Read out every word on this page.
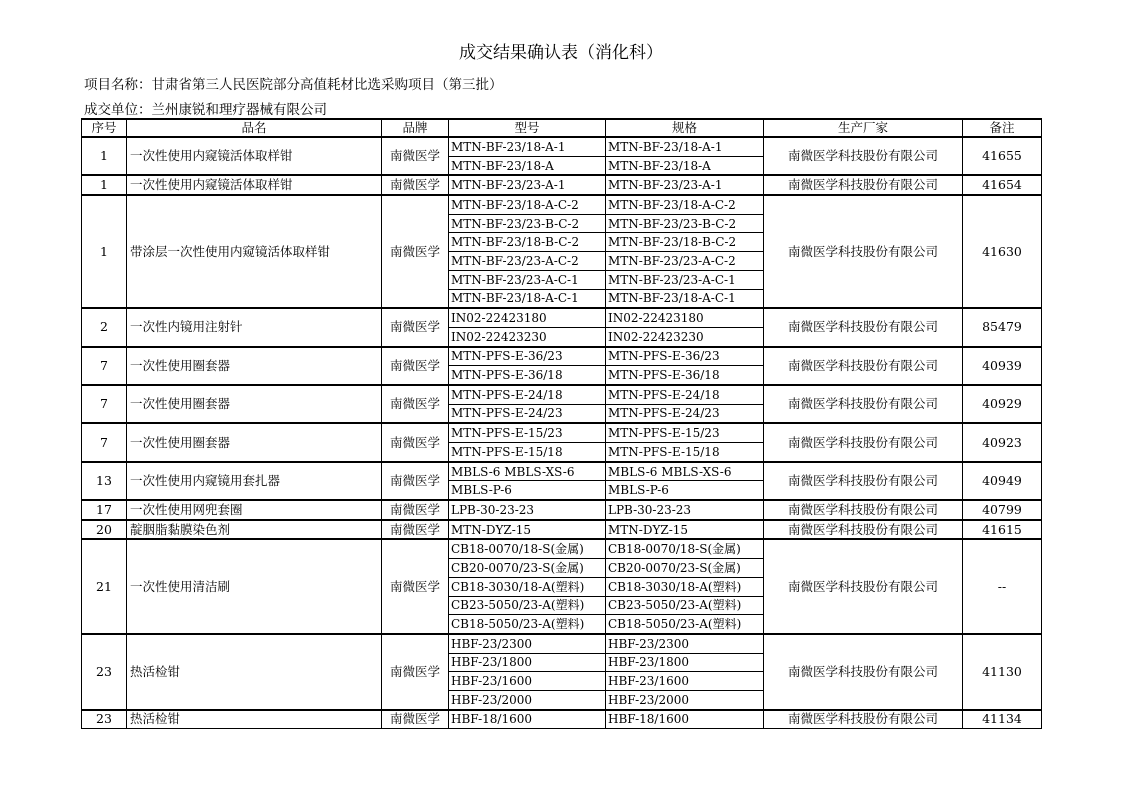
成交结果确认表（消化科）
项目名称：甘肃省第三人民医院部分高值耗材比选采购项目（第三批）
成交单位：兰州康锐和理疗器械有限公司
序号	品名	品牌	型号	规格	生产厂家	备注
1	一次性使用内窥镜活体取样钳	南微医学	MTN-BF-23/18-A-1	MTN-BF-23/18-A-1	南微医学科技股份有限公司	41655
			MTN-BF-23/18-A	MTN-BF-23/18-A		
1	一次性使用内窥镜活体取样钳	南微医学	MTN-BF-23/23-A-1	MTN-BF-23/23-A-1	南微医学科技股份有限公司	41654
1	带涂层一次性使用内窥镜活体取样钳	南微医学	MTN-BF-23/18-A-C-2	MTN-BF-23/18-A-C-2	南微医学科技股份有限公司	41630
			MTN-BF-23/23-B-C-2	MTN-BF-23/23-B-C-2		
			MTN-BF-23/18-B-C-2	MTN-BF-23/18-B-C-2		
			MTN-BF-23/23-A-C-2	MTN-BF-23/23-A-C-2		
			MTN-BF-23/23-A-C-1	MTN-BF-23/23-A-C-1		
			MTN-BF-23/18-A-C-1	MTN-BF-23/18-A-C-1		
2	一次性内镜用注射针	南微医学	IN02-22423180	IN02-22423180	南微医学科技股份有限公司	85479
			IN02-22423230	IN02-22423230		
7	一次性使用圈套器	南微医学	MTN-PFS-E-36/23	MTN-PFS-E-36/23	南微医学科技股份有限公司	40939
			MTN-PFS-E-36/18	MTN-PFS-E-36/18		
7	一次性使用圈套器	南微医学	MTN-PFS-E-24/18	MTN-PFS-E-24/18	南微医学科技股份有限公司	40929
			MTN-PFS-E-24/23	MTN-PFS-E-24/23		
7	一次性使用圈套器	南微医学	MTN-PFS-E-15/23	MTN-PFS-E-15/23	南微医学科技股份有限公司	40923
			MTN-PFS-E-15/18	MTN-PFS-E-15/18		
13	一次性使用内窥镜用套扎器	南微医学	MBLS-6 MBLS-XS-6	MBLS-6 MBLS-XS-6	南微医学科技股份有限公司	40949
			MBLS-P-6	MBLS-P-6		
17	一次性使用网兜套圈	南微医学	LPB-30-23-23	LPB-30-23-23	南微医学科技股份有限公司	40799
20	靛胭脂黏膜染色剂	南微医学	MTN-DYZ-15	MTN-DYZ-15	南微医学科技股份有限公司	41615
21	一次性使用清洁刷	南微医学	CB18-0070/18-S(金属)	CB18-0070/18-S(金属)	南微医学科技股份有限公司	--
			CB20-0070/23-S(金属)	CB20-0070/23-S(金属)		
			CB18-3030/18-A(塑料)	CB18-3030/18-A(塑料)		
			CB23-5050/23-A(塑料)	CB23-5050/23-A(塑料)		
			CB18-5050/23-A(塑料)	CB18-5050/23-A(塑料)		
23	热活检钳	南微医学	HBF-23/2300	HBF-23/2300	南微医学科技股份有限公司	41130
			HBF-23/1800	HBF-23/1800		
			HBF-23/1600	HBF-23/1600		
			HBF-23/2000	HBF-23/2000		
23	热活检钳	南微医学	HBF-18/1600	HBF-18/1600	南微医学科技股份有限公司	41134
